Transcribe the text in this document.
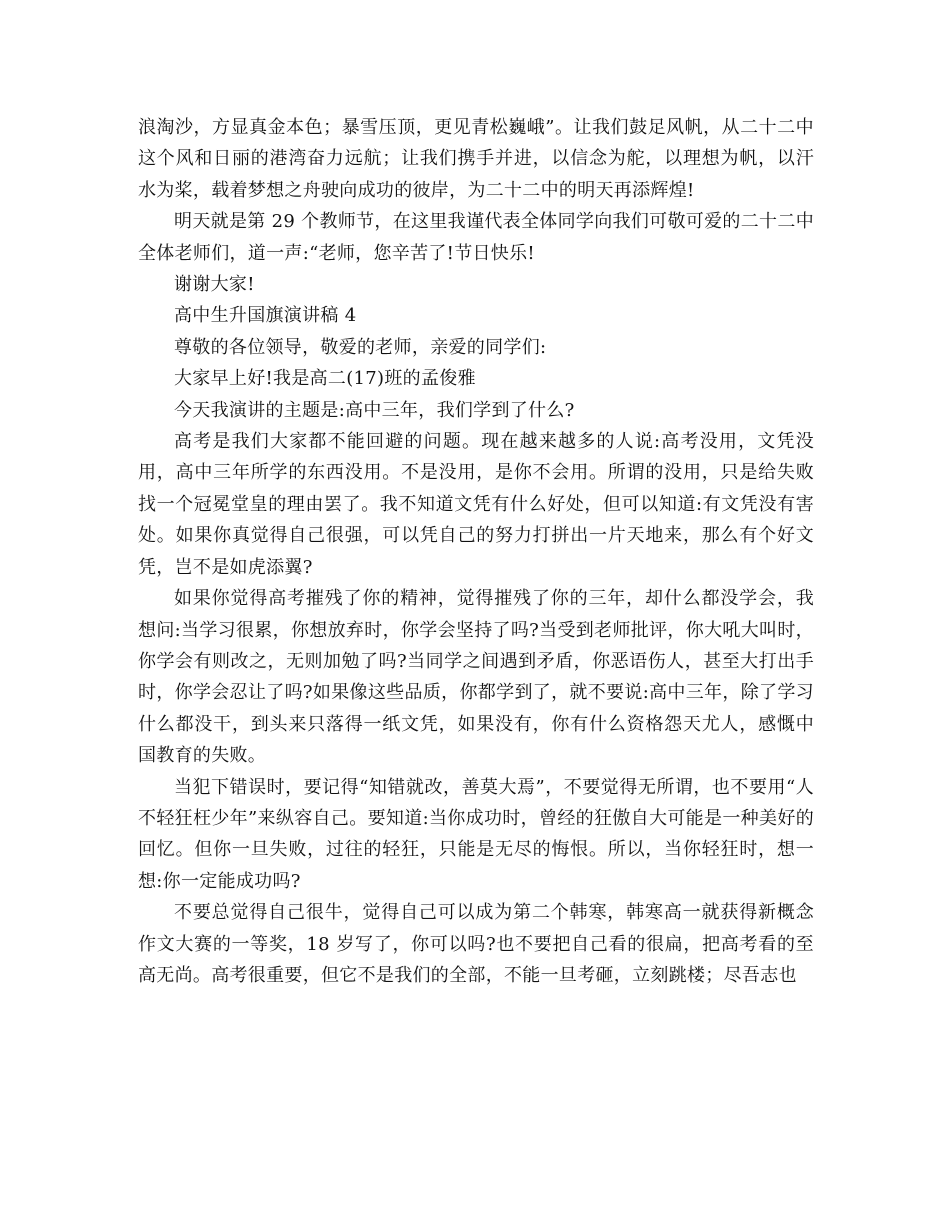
浪淘沙，方显真金本色；暴雪压顶，更见青松巍峨”。让我们鼓足风帆，从二十二中这个风和日丽的港湾奋力远航；让我们携手并进，以信念为舵，以理想为帆，以汗水为桨，载着梦想之舟驶向成功的彼岸，为二十二中的明天再添辉煌!

明天就是第 29 个教师节，在这里我谨代表全体同学向我们可敬可爱的二十二中全体老师们，道一声:“老师，您辛苦了!节日快乐!

谢谢大家!

高中生升国旗演讲稿 4

尊敬的各位领导，敬爱的老师，亲爱的同学们:

大家早上好!我是高二(17)班的孟俊雅

今天我演讲的主题是:高中三年，我们学到了什么?

高考是我们大家都不能回避的问题。现在越来越多的人说:高考没用，文凭没用，高中三年所学的东西没用。不是没用，是你不会用。所谓的没用，只是给失败找一个冠冕堂皇的理由罢了。我不知道文凭有什么好处，但可以知道:有文凭没有害处。如果你真觉得自己很强，可以凭自己的努力打拼出一片天地来，那么有个好文凭，岂不是如虎添翼?

如果你觉得高考摧残了你的精神，觉得摧残了你的三年，却什么都没学会，我想问:当学习很累，你想放弃时，你学会坚持了吗?当受到老师批评，你大吼大叫时，你学会有则改之，无则加勉了吗?当同学之间遇到矛盾，你恶语伤人，甚至大打出手时，你学会忍让了吗?如果像这些品质，你都学到了，就不要说:高中三年，除了学习什么都没干，到头来只落得一纸文凭，如果没有，你有什么资格怨天尤人，感慨中国教育的失败。

当犯下错误时，要记得“知错就改，善莫大焉”，不要觉得无所谓，也不要用“人不轻狂枉少年”来纵容自己。要知道:当你成功时，曾经的狂傲自大可能是一种美好的回忆。但你一旦失败，过往的轻狂，只能是无尽的悔恨。所以，当你轻狂时，想一想:你一定能成功吗?

不要总觉得自己很牛，觉得自己可以成为第二个韩寒，韩寒高一就获得新概念作文大赛的一等奖，18 岁写了，你可以吗?也不要把自己看的很扁，把高考看的至高无尚。高考很重要，但它不是我们的全部，不能一旦考砸，立刻跳楼；尽吾志也
